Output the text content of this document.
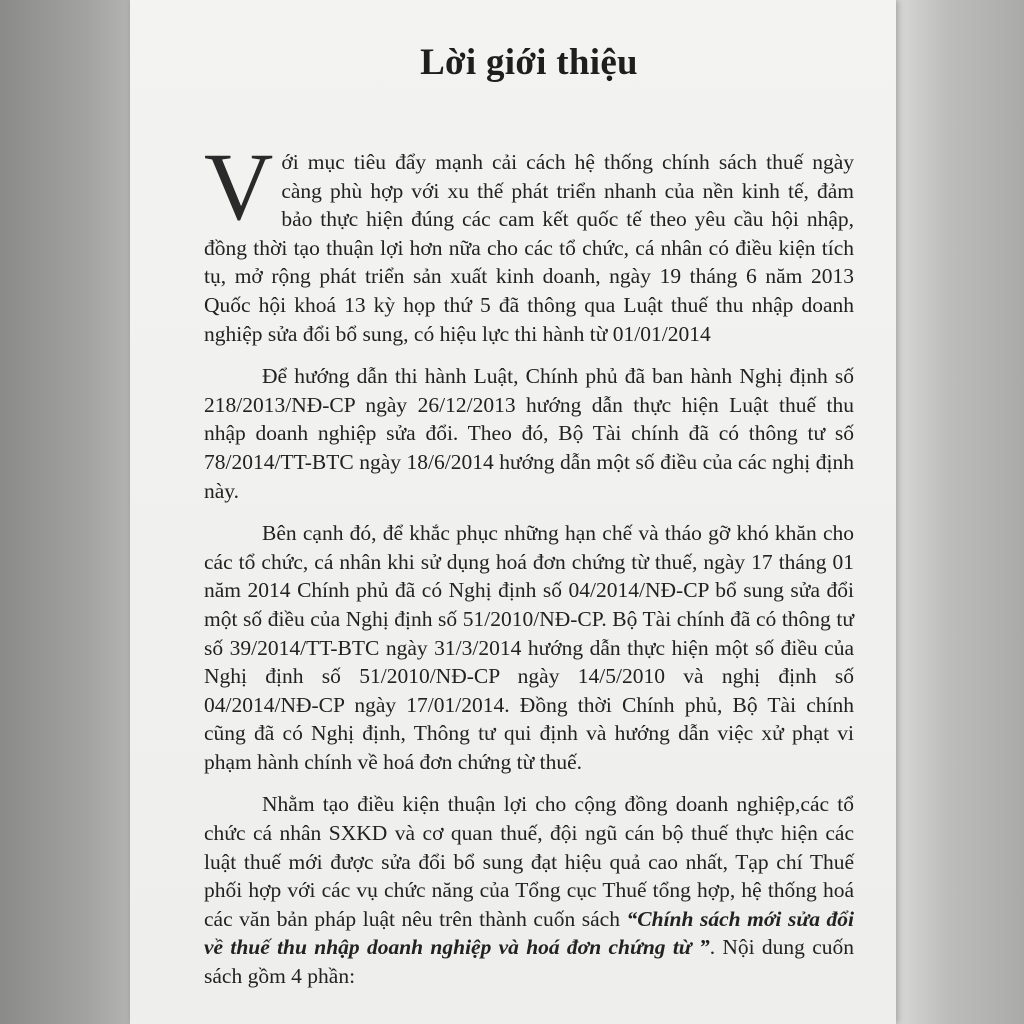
Lời giới thiệu

Với mục tiêu đẩy mạnh cải cách hệ thống chính sách thuế ngày càng phù hợp với xu thế phát triển nhanh của nền kinh tế, đảm bảo thực hiện đúng các cam kết quốc tế theo yêu cầu hội nhập, đồng thời tạo thuận lợi hơn nữa cho các tổ chức, cá nhân có điều kiện tích tụ, mở rộng phát triển sản xuất kinh doanh, ngày 19 tháng 6 năm 2013 Quốc hội khoá 13 kỳ họp thứ 5 đã thông qua Luật thuế thu nhập doanh nghiệp sửa đổi bổ sung, có hiệu lực thi hành từ 01/01/2014

Để hướng dẫn thi hành Luật, Chính phủ đã ban hành Nghị định số 218/2013/NĐ-CP ngày 26/12/2013 hướng dẫn thực hiện Luật thuế thu nhập doanh nghiệp sửa đổi. Theo đó, Bộ Tài chính đã có thông tư số 78/2014/TT-BTC ngày 18/6/2014 hướng dẫn một số điều của các nghị định này.

Bên cạnh đó, để khắc phục những hạn chế và tháo gỡ khó khăn cho các tổ chức, cá nhân khi sử dụng hoá đơn chứng từ thuế, ngày 17 tháng 01 năm 2014 Chính phủ đã có Nghị định số 04/2014/NĐ-CP bổ sung sửa đổi một số điều của Nghị định số 51/2010/NĐ-CP. Bộ Tài chính đã có thông tư số 39/2014/TT-BTC ngày 31/3/2014 hướng dẫn thực hiện một số điều của Nghị định số 51/2010/NĐ-CP ngày 14/5/2010 và nghị định số 04/2014/NĐ-CP ngày 17/01/2014. Đồng thời Chính phủ, Bộ Tài chính cũng đã có Nghị định, Thông tư qui định và hướng dẫn việc xử phạt vi phạm hành chính về hoá đơn chứng từ thuế.

Nhằm tạo điều kiện thuận lợi cho cộng đồng doanh nghiệp,các tổ chức cá nhân SXKD và cơ quan thuế, đội ngũ cán bộ thuế thực hiện các luật thuế mới được sửa đổi bổ sung đạt hiệu quả cao nhất, Tạp chí Thuế phối hợp với các vụ chức năng của Tổng cục Thuế tổng hợp, hệ thống hoá các văn bản pháp luật nêu trên thành cuốn sách “Chính sách mới sửa đổi về thuế thu nhập doanh nghiệp và hoá đơn chứng từ ”. Nội dung cuốn sách gồm 4 phần:
